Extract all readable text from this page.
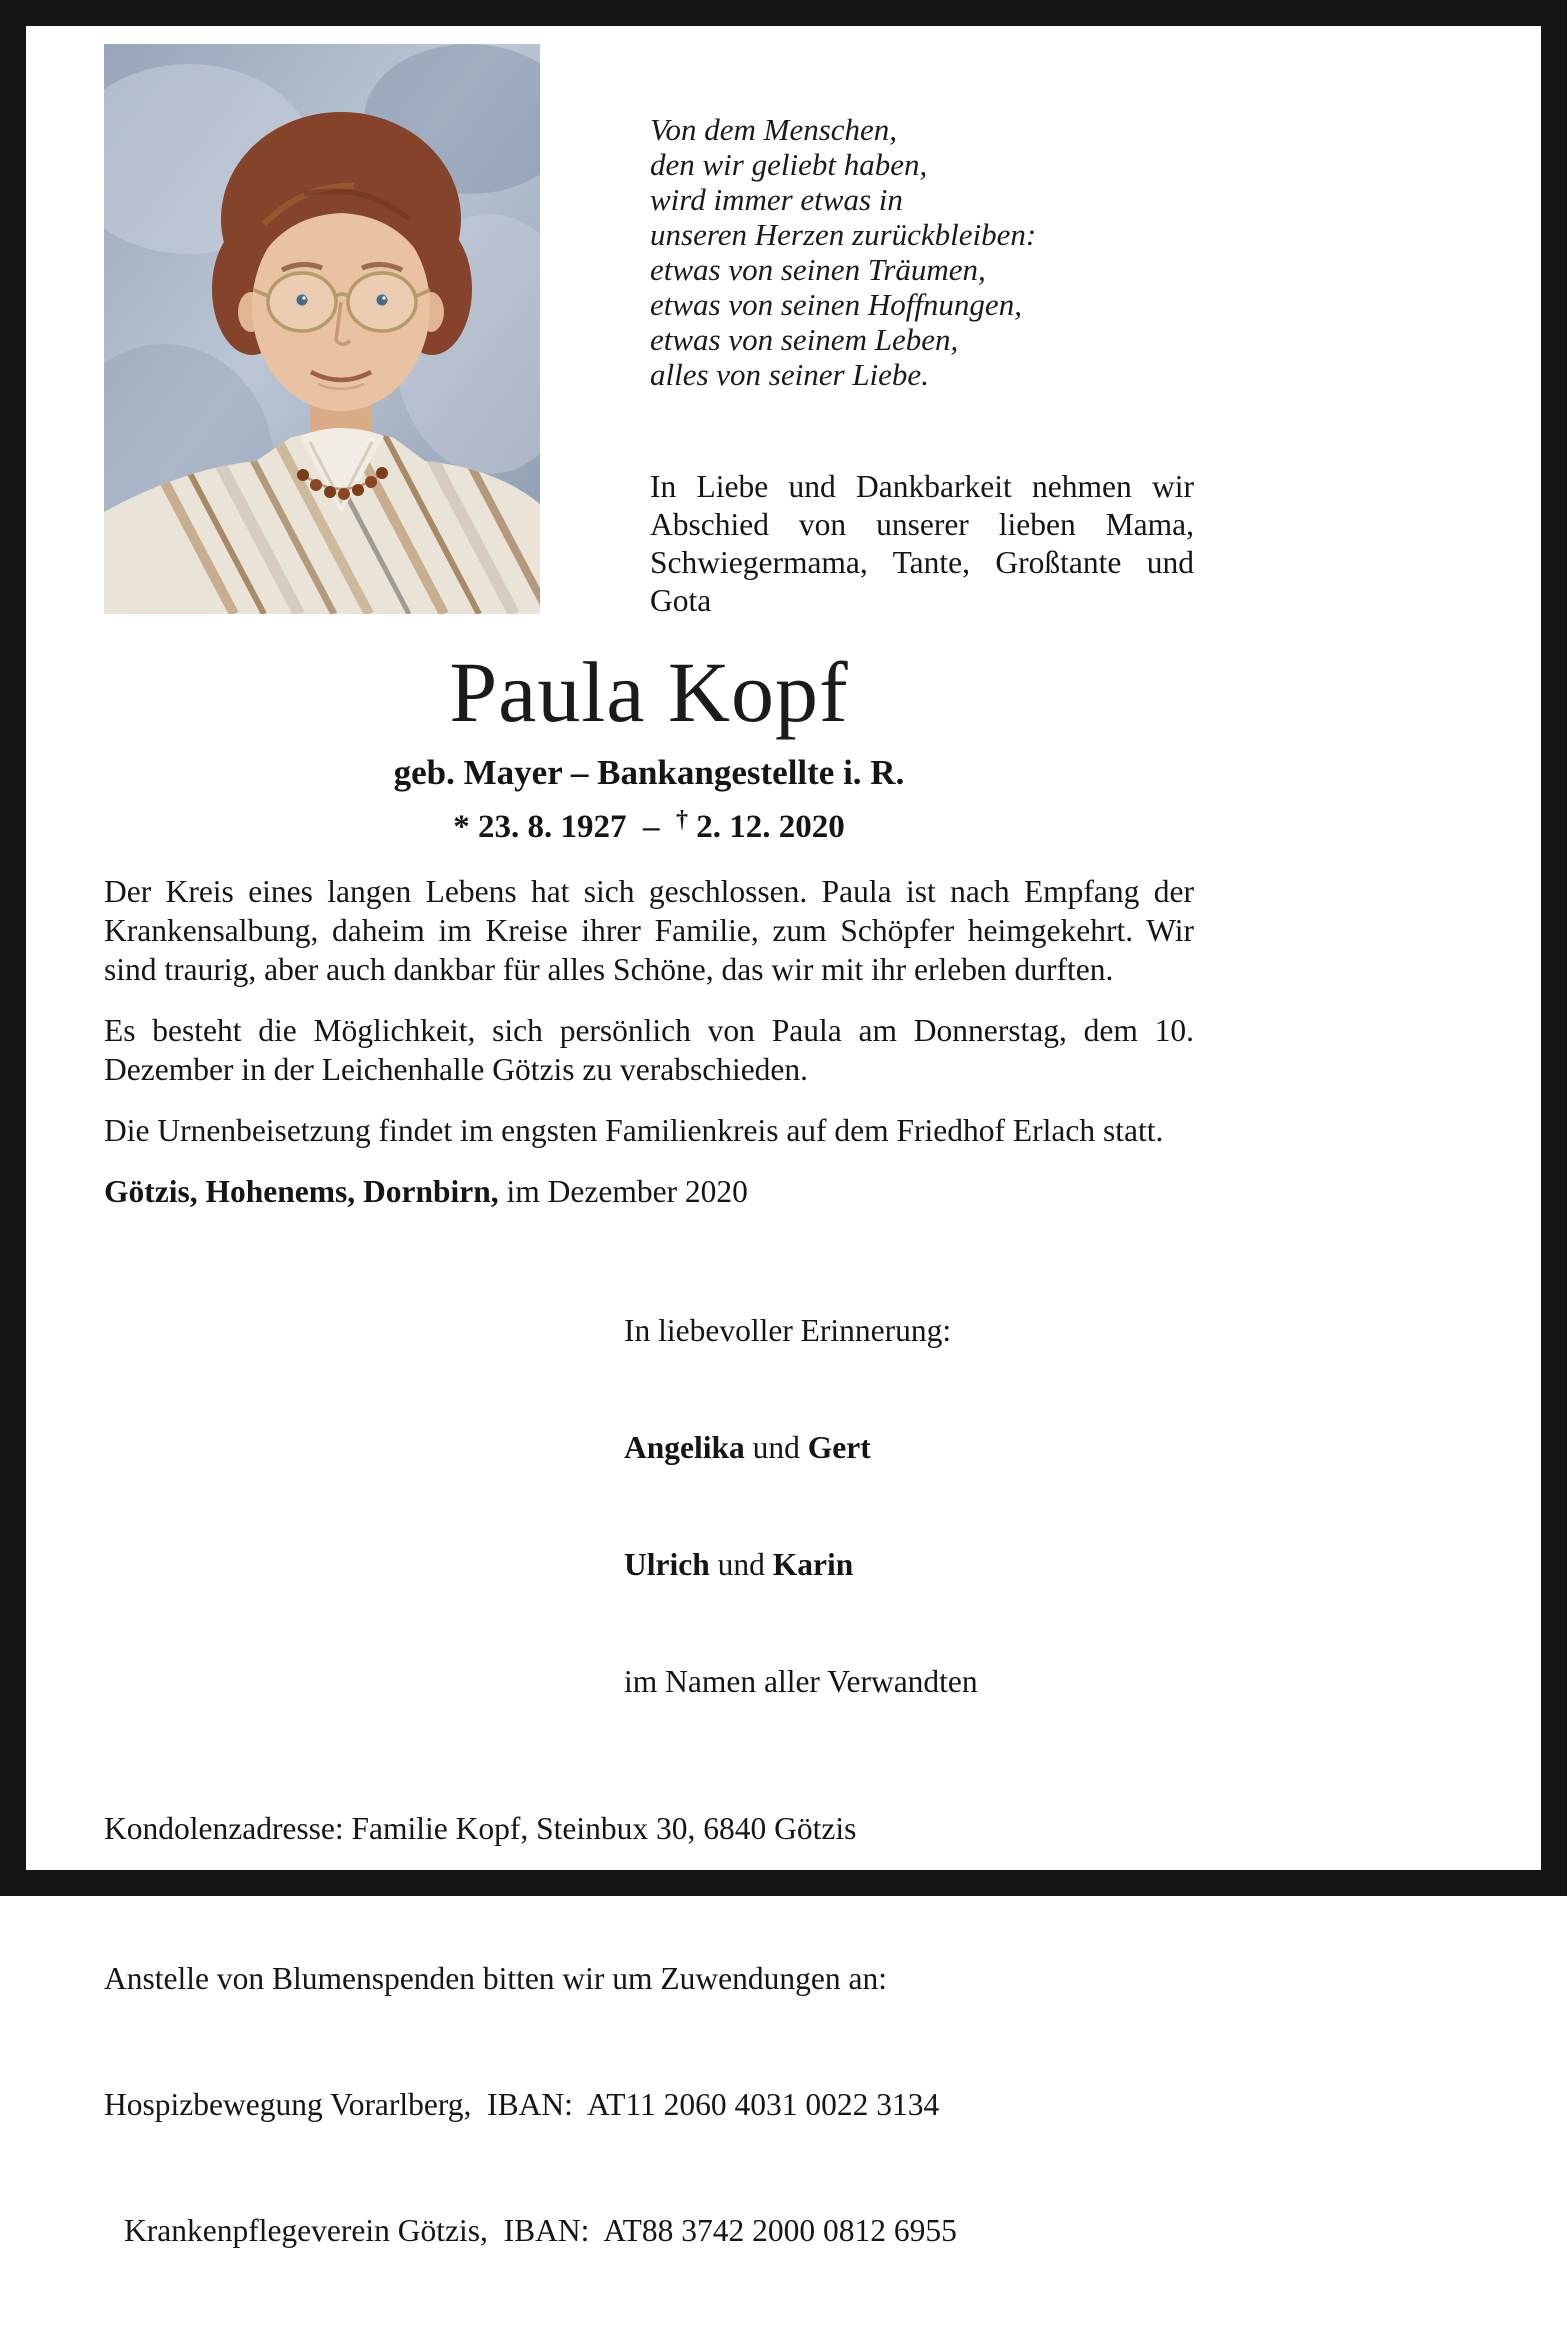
Von dem Menschen,
den wir geliebt haben,
wird immer etwas in
unseren Herzen zurückbleiben:
etwas von seinen Träumen,
etwas von seinen Hoffnungen,
etwas von seinem Leben,
alles von seiner Liebe.
In Liebe und Dankbarkeit nehmen wir Abschied von unserer lieben Mama, Schwiegermama, Tante, Großtante und Gota
Paula Kopf
geb. Mayer – Bankangestellte i. R.
* 23. 8. 1927  –  † 2. 12. 2020

Der Kreis eines langen Lebens hat sich geschlossen. Paula ist nach Empfang der Krankensalbung, daheim im Kreise ihrer Familie, zum Schöpfer heimgekehrt. Wir sind traurig, aber auch dankbar für alles Schöne, das wir mit ihr erleben durften.

Es besteht die Möglichkeit, sich persönlich von Paula am Donnerstag, dem 10. Dezember in der Leichenhalle Götzis zu verabschieden.

Die Urnenbeisetzung findet im engsten Familienkreis auf dem Friedhof Erlach statt.

Götzis, Hohenems, Dornbirn, im Dezember 2020

In liebevoller Erinnerung:

Angelika und Gert

Ulrich und Karin

im Namen aller Verwandten

Kondolenzadresse: Familie Kopf, Steinbux 30, 6840 Götzis

Anstelle von Blumenspenden bitten wir um Zuwendungen an:

Hospizbewegung Vorarlberg,  IBAN:  AT11 2060 4031 0022 3134

Krankenpflegeverein Götzis,  IBAN:  AT88 3742 2000 0812 6955
